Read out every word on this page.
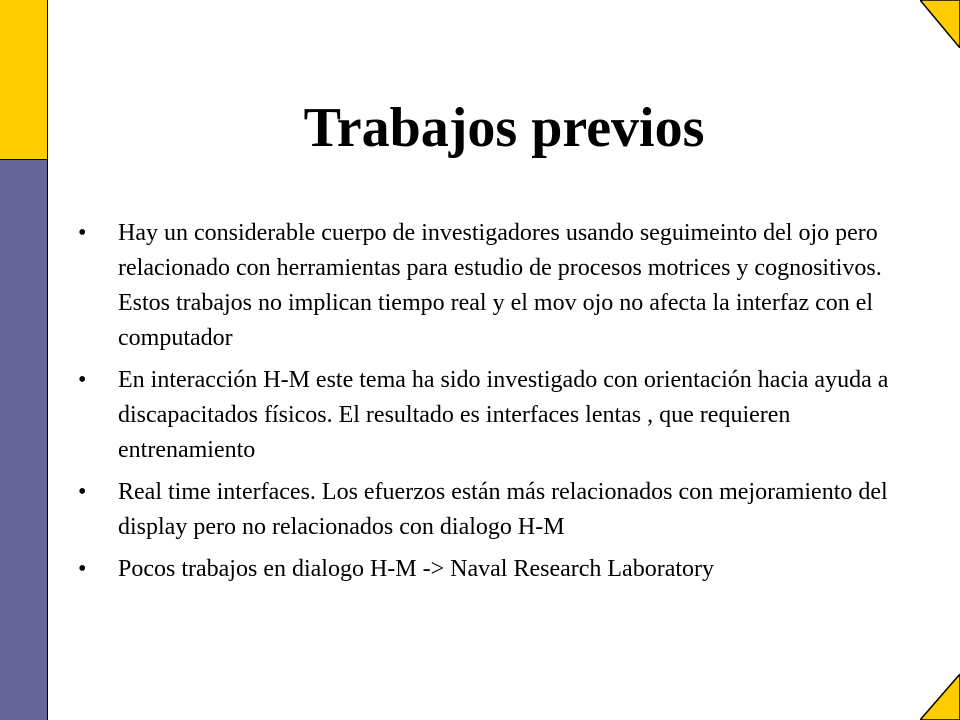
Trabajos previos
• Hay un considerable cuerpo de investigadores usando seguimeinto del ojo pero relacionado con herramientas para estudio de procesos motrices y cognositivos. Estos trabajos no implican tiempo real y el mov ojo no afecta la interfaz con el computador
• En interacción H-M este tema ha sido investigado con orientación hacia ayuda a discapacitados físicos. El resultado es interfaces lentas , que requieren entrenamiento
• Real time interfaces. Los efuerzos están más relacionados con mejoramiento del display pero no relacionados con dialogo H-M
• Pocos trabajos en dialogo H-M -> Naval Research Laboratory
